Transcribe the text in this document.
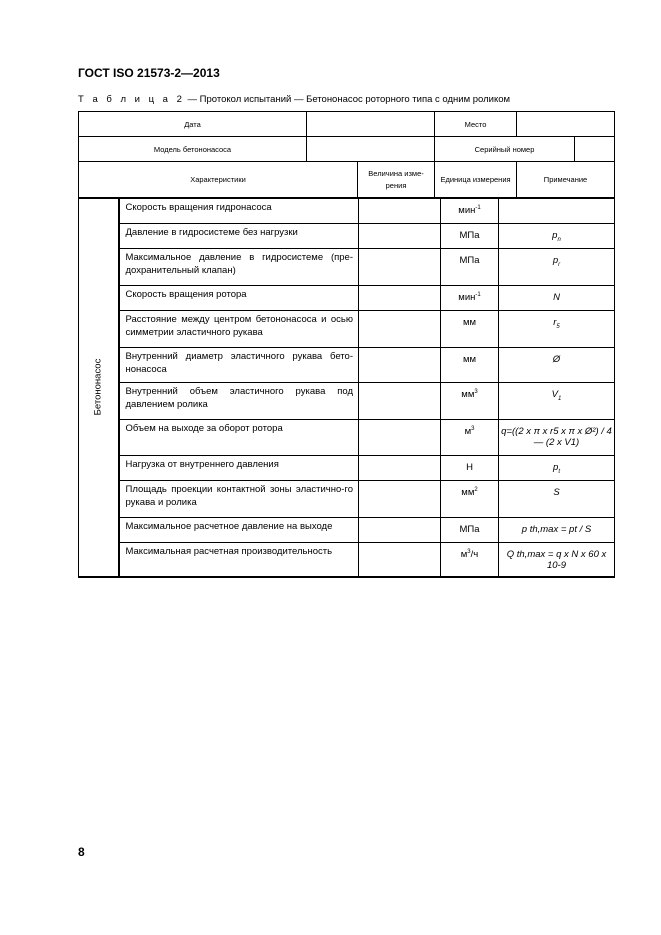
ГОСТ ISO 21573-2—2013
Т а б л и ц а 2 — Протокол испытаний — Бетононасос роторного типа с одним роликом
Дата			Место		
Модель бетононасоса			Серийный номер		
Характеристики		Величина изме-рения	Единица измерения	Примечание	
Бетононасос	Скорость вращения гидронасоса		мин$^{-1}$	
	Давление в гидросистеме без нагрузки		МПа	$p_n$
	Максимальное давление в гидросистеме (пре-дохранительный клапан)		МПа	$p_r$
	Скорость вращения ротора		мин$^{-1}$	N
	Расстояние между центром бетононасоса и осью симметрии эластичного рукава		мм	$r_5$
	Внутренний диаметр эластичного рукава бето-нонасоса		мм	Ø
	Внутренний объем эластичного рукава под давлением ролика		$мм^3$	$V_1$
	Объем на выходе за оборот ротора		$м^3$	q=((2 x π x r5 x π x Ø²) / 4 — (2 x V1)
	Нагрузка от внутреннего давления		Н	$p_t$
	Площадь проекции контактной зоны эластично-го рукава и ролика		$мм^2$	S
	Максимальное расчетное давление на выходе		МПа	p th,max = pt / S
	Максимальная расчетная производительность		$м^3/ч$	Q th,max = q x N x 60 x 10-9
8
